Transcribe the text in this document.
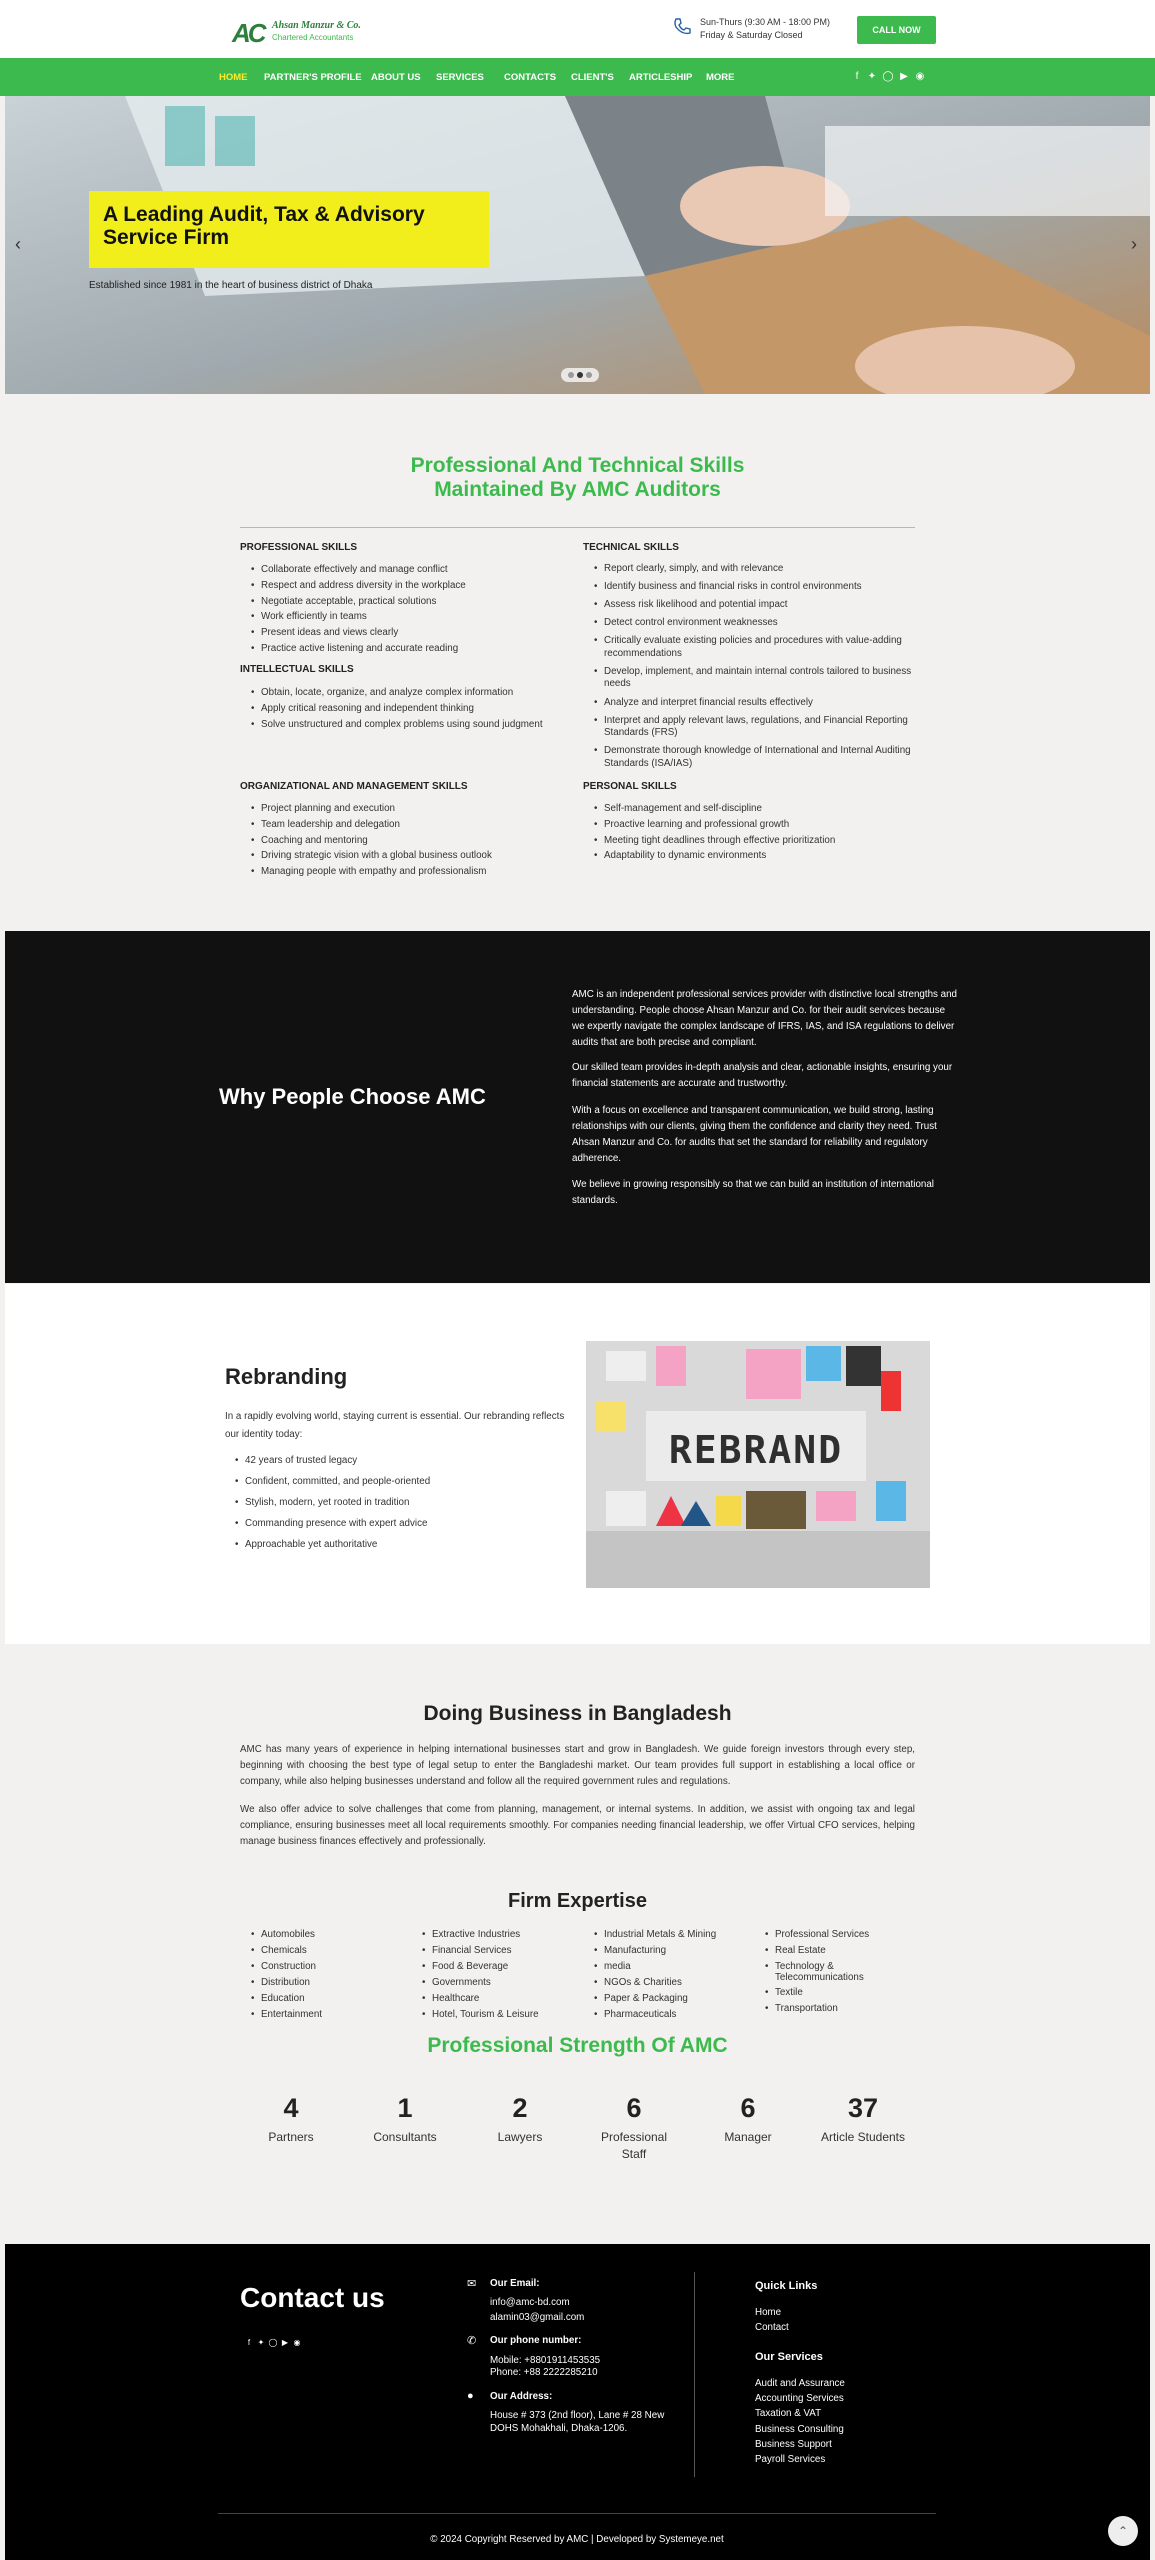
AC Ahsan Manzur & Co.
Chartered Accountants
Sun-Thurs (9:30 AM - 18:00 PM)
Friday & Saturday Closed	CALL NOW
HOME PARTNER'S PROFILE ABOUT US SERVICES CONTACTS CLIENT'S ARTICLESHIP MORE	f ✦ ◯ ▶ ◉
‹	›
A Leading Audit, Tax & Advisory Service Firm
Established since 1981 in the heart of business district of Dhaka
Professional And Technical Skills
Maintained By AMC Auditors
PROFESSIONAL SKILLS
• Collaborate effectively and manage conflict
• Respect and address diversity in the workplace
• Negotiate acceptable, practical solutions
• Work efficiently in teams
• Present ideas and views clearly
• Practice active listening and accurate reading
INTELLECTUAL SKILLS
• Obtain, locate, organize, and analyze complex information
• Apply critical reasoning and independent thinking
• Solve unstructured and complex problems using sound judgment
TECHNICAL SKILLS
• Report clearly, simply, and with relevance
• Identify business and financial risks in control environments
• Assess risk likelihood and potential impact
• Detect control environment weaknesses
• Critically evaluate existing policies and procedures with value-adding recommendations
• Develop, implement, and maintain internal controls tailored to business needs
• Analyze and interpret financial results effectively
• Interpret and apply relevant laws, regulations, and Financial Reporting Standards (FRS)
• Demonstrate thorough knowledge of International and Internal Auditing Standards (ISA/IAS)
ORGANIZATIONAL AND MANAGEMENT SKILLS
• Project planning and execution
• Team leadership and delegation
• Coaching and mentoring
• Driving strategic vision with a global business outlook
• Managing people with empathy and professionalism
PERSONAL SKILLS
• Self-management and self-discipline
• Proactive learning and professional growth
• Meeting tight deadlines through effective prioritization
• Adaptability to dynamic environments
Why People Choose AMC
AMC is an independent professional services provider with distinctive local strengths and understanding. People choose Ahsan Manzur and Co. for their audit services because we expertly navigate the complex landscape of IFRS, IAS, and ISA regulations to deliver audits that are both precise and compliant.
Our skilled team provides in-depth analysis and clear, actionable insights, ensuring your financial statements are accurate and trustworthy.
With a focus on excellence and transparent communication, we build strong, lasting relationships with our clients, giving them the confidence and clarity they need. Trust Ahsan Manzur and Co. for audits that set the standard for reliability and regulatory adherence.
We believe in growing responsibly so that we can build an institution of international standards.
Rebranding
In a rapidly evolving world, staying current is essential. Our rebranding reflects our identity today:
• 42 years of trusted legacy
• Confident, committed, and people-oriented
• Stylish, modern, yet rooted in tradition
• Commanding presence with expert advice
• Approachable yet authoritative
REBRAND
Doing Business in Bangladesh
AMC has many years of experience in helping international businesses start and grow in Bangladesh. We guide foreign investors through every step, beginning with choosing the best type of legal setup to enter the Bangladeshi market. Our team provides full support in establishing a local office or company, while also helping businesses understand and follow all the required government rules and regulations.
We also offer advice to solve challenges that come from planning, management, or internal systems. In addition, we assist with ongoing tax and legal compliance, ensuring businesses meet all local requirements smoothly. For companies needing financial leadership, we offer Virtual CFO services, helping manage business finances effectively and professionally.
Firm Expertise
• Automobiles
• Chemicals
• Construction
• Distribution
• Education
• Entertainment
• Extractive Industries
• Financial Services
• Food & Beverage
• Governments
• Healthcare
• Hotel, Tourism & Leisure
• Industrial Metals & Mining
• Manufacturing
• media
• NGOs & Charities
• Paper & Packaging
• Pharmaceuticals
• Professional Services
• Real Estate
• Technology & Telecommunications
• Textile
• Transportation
Professional Strength Of AMC
4
Partners
1
Consultants
2
Lawyers
6
Professional Staff
6
Manager
37
Article Students
Contact us
f ✦ ◯ ▶ ◉
✉ Our Email:
info@amc-bd.com
alamin03@gmail.com
✆ Our phone number:
Mobile: +8801911453535
Phone: +88 2222285210
● Our Address:
House # 373 (2nd floor), Lane # 28 New DOHS Mohakhali, Dhaka-1206.
Quick Links
Home
Contact
Our Services
Audit and Assurance
Accounting Services
Taxation & VAT
Business Consulting
Business Support
Payroll Services
© 2024 Copyright Reserved by AMC | Developed by Systemeye.net
⌃
